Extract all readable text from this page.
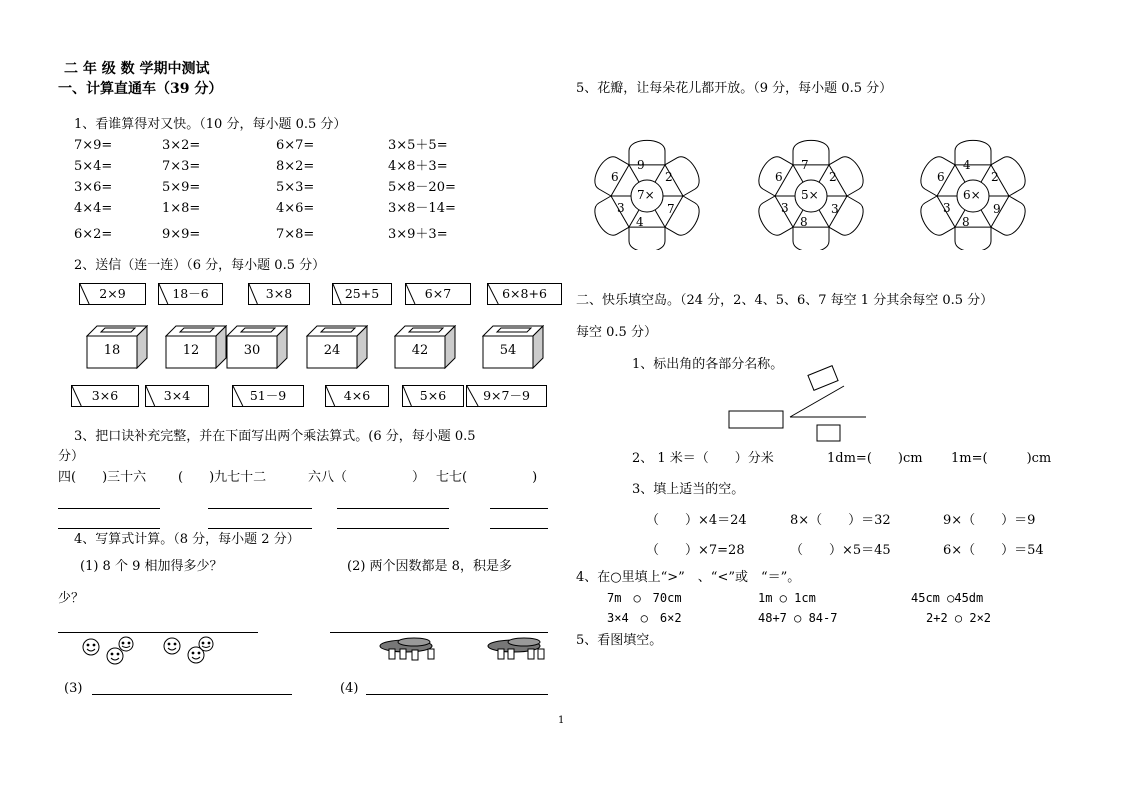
二 年 级 数 学期中测试
一、计算直通车（39 分）
1、看谁算得对又快。（10 分，每小题 0.5 分）
7×9=	3×2=	6×7=	3×5＋5=
5×4=	7×3=	8×2=	4×8＋3=
3×6=	5×9=	5×3=	5×8－20=
4×4=	1×8=	4×6=	3×8－14=
6×2=	9×9=	7×8=	3×9＋3=
2、送信（连一连）（6 分，每小题 0.5 分）
2×9	18－6	3×8	25+5	6×7	6×8+6
18	12	30	24	42	54
3×6	3×4	51－9	4×6	5×6	9×7－9
3、把口诀补充完整，并在下面写出两个乘法算式。(6 分，每小题 0.5
分）
四(　　)三十六 (　　)九七十二	六八（　　　　　） 七七(　　　　　)
4、写算式计算。（8 分，每小题 2 分）
(1) 8 个 9 相加得多少？	(2) 两个因数都是 8，积是多
少？
(3)	(4)
5、花瓣，让每朵花儿都开放。（9 分，每小题 0.5 分）
7×
9
2
7
4
3
6
5×
7
2
3
8
3
6
6×
4
2
9
8
3
6
二、快乐填空岛。（24 分，2、4、5、6、7 每空 1 分其余每空 0.5 分）
每空 0.5 分）
1、标出角的各部分名称。
2、 1 米＝（　　）分米	1dm=(　　)cm 1m=(　　　)cm
3、填上适当的空。
（　　）×4＝24	8×（　　）＝32	9×（　　）＝9
（　　）×7=28	（　　）×5＝45	6×（　　）＝54
4、在○里填上“>”　、“<”或　“＝”。
7m　○　70cm	1m ○ 1cm	45cm ○45dm
3×4　○　6×2	48+7 ○ 84-7	2+2 ○ 2×2
5、看图填空。
1
